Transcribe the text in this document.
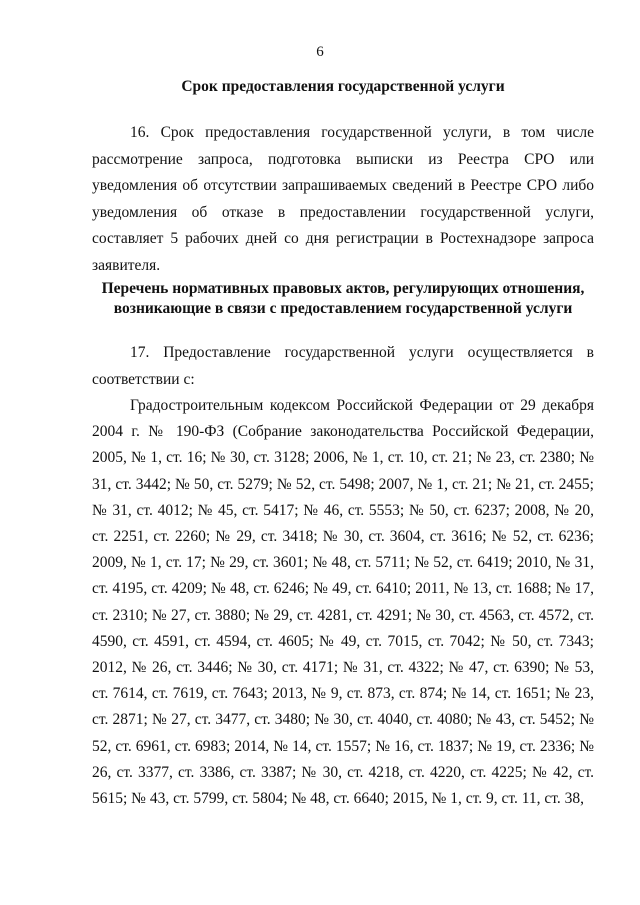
6
Срок предоставления государственной услуги

16. Срок предоставления государственной услуги, в том числе рассмотрение запроса, подготовка выписки из Реестра СРО или уведомления об отсутствии запрашиваемых сведений в Реестре СРО либо уведомления об отказе в предоставлении государственной услуги, составляет 5 рабочих дней со дня регистрации в Ростехнадзоре запроса заявителя.

Перечень нормативных правовых актов, регулирующих отношения, возникающие в связи с предоставлением государственной услуги

17. Предоставление государственной услуги осуществляется в соответствии с:

Градостроительным кодексом Российской Федерации от 29 декабря 2004 г. № 190-ФЗ (Собрание законодательства Российской Федерации, 2005, № 1, ст. 16; № 30, ст. 3128; 2006, № 1, ст. 10, ст. 21; № 23, ст. 2380; № 31, ст. 3442; № 50, ст. 5279; № 52, ст. 5498; 2007, № 1, ст. 21; № 21, ст. 2455; № 31, ст. 4012; № 45, ст. 5417; № 46, ст. 5553; № 50, ст. 6237; 2008, № 20, ст. 2251, ст. 2260; № 29, ст. 3418; № 30, ст. 3604, ст. 3616; № 52, ст. 6236; 2009, № 1, ст. 17; № 29, ст. 3601; № 48, ст. 5711; № 52, ст. 6419; 2010, № 31, ст. 4195, ст. 4209; № 48, ст. 6246; № 49, ст. 6410; 2011, № 13, ст. 1688; № 17, ст. 2310; № 27, ст. 3880; № 29, ст. 4281, ст. 4291; № 30, ст. 4563, ст. 4572, ст. 4590, ст. 4591, ст. 4594, ст. 4605; № 49, ст. 7015, ст. 7042; № 50, ст. 7343; 2012, № 26, ст. 3446; № 30, ст. 4171; № 31, ст. 4322; № 47, ст. 6390; № 53, ст. 7614, ст. 7619, ст. 7643; 2013, № 9, ст. 873, ст. 874; № 14, ст. 1651; № 23, ст. 2871; № 27, ст. 3477, ст. 3480; № 30, ст. 4040, ст. 4080; № 43, ст. 5452; № 52, ст. 6961, ст. 6983; 2014, № 14, ст. 1557; № 16, ст. 1837; № 19, ст. 2336; № 26, ст. 3377, ст. 3386, ст. 3387; № 30, ст. 4218, ст. 4220, ст. 4225; № 42, ст. 5615; № 43, ст. 5799, ст. 5804; № 48, ст. 6640; 2015, № 1, ст. 9, ст. 11, ст. 38,
